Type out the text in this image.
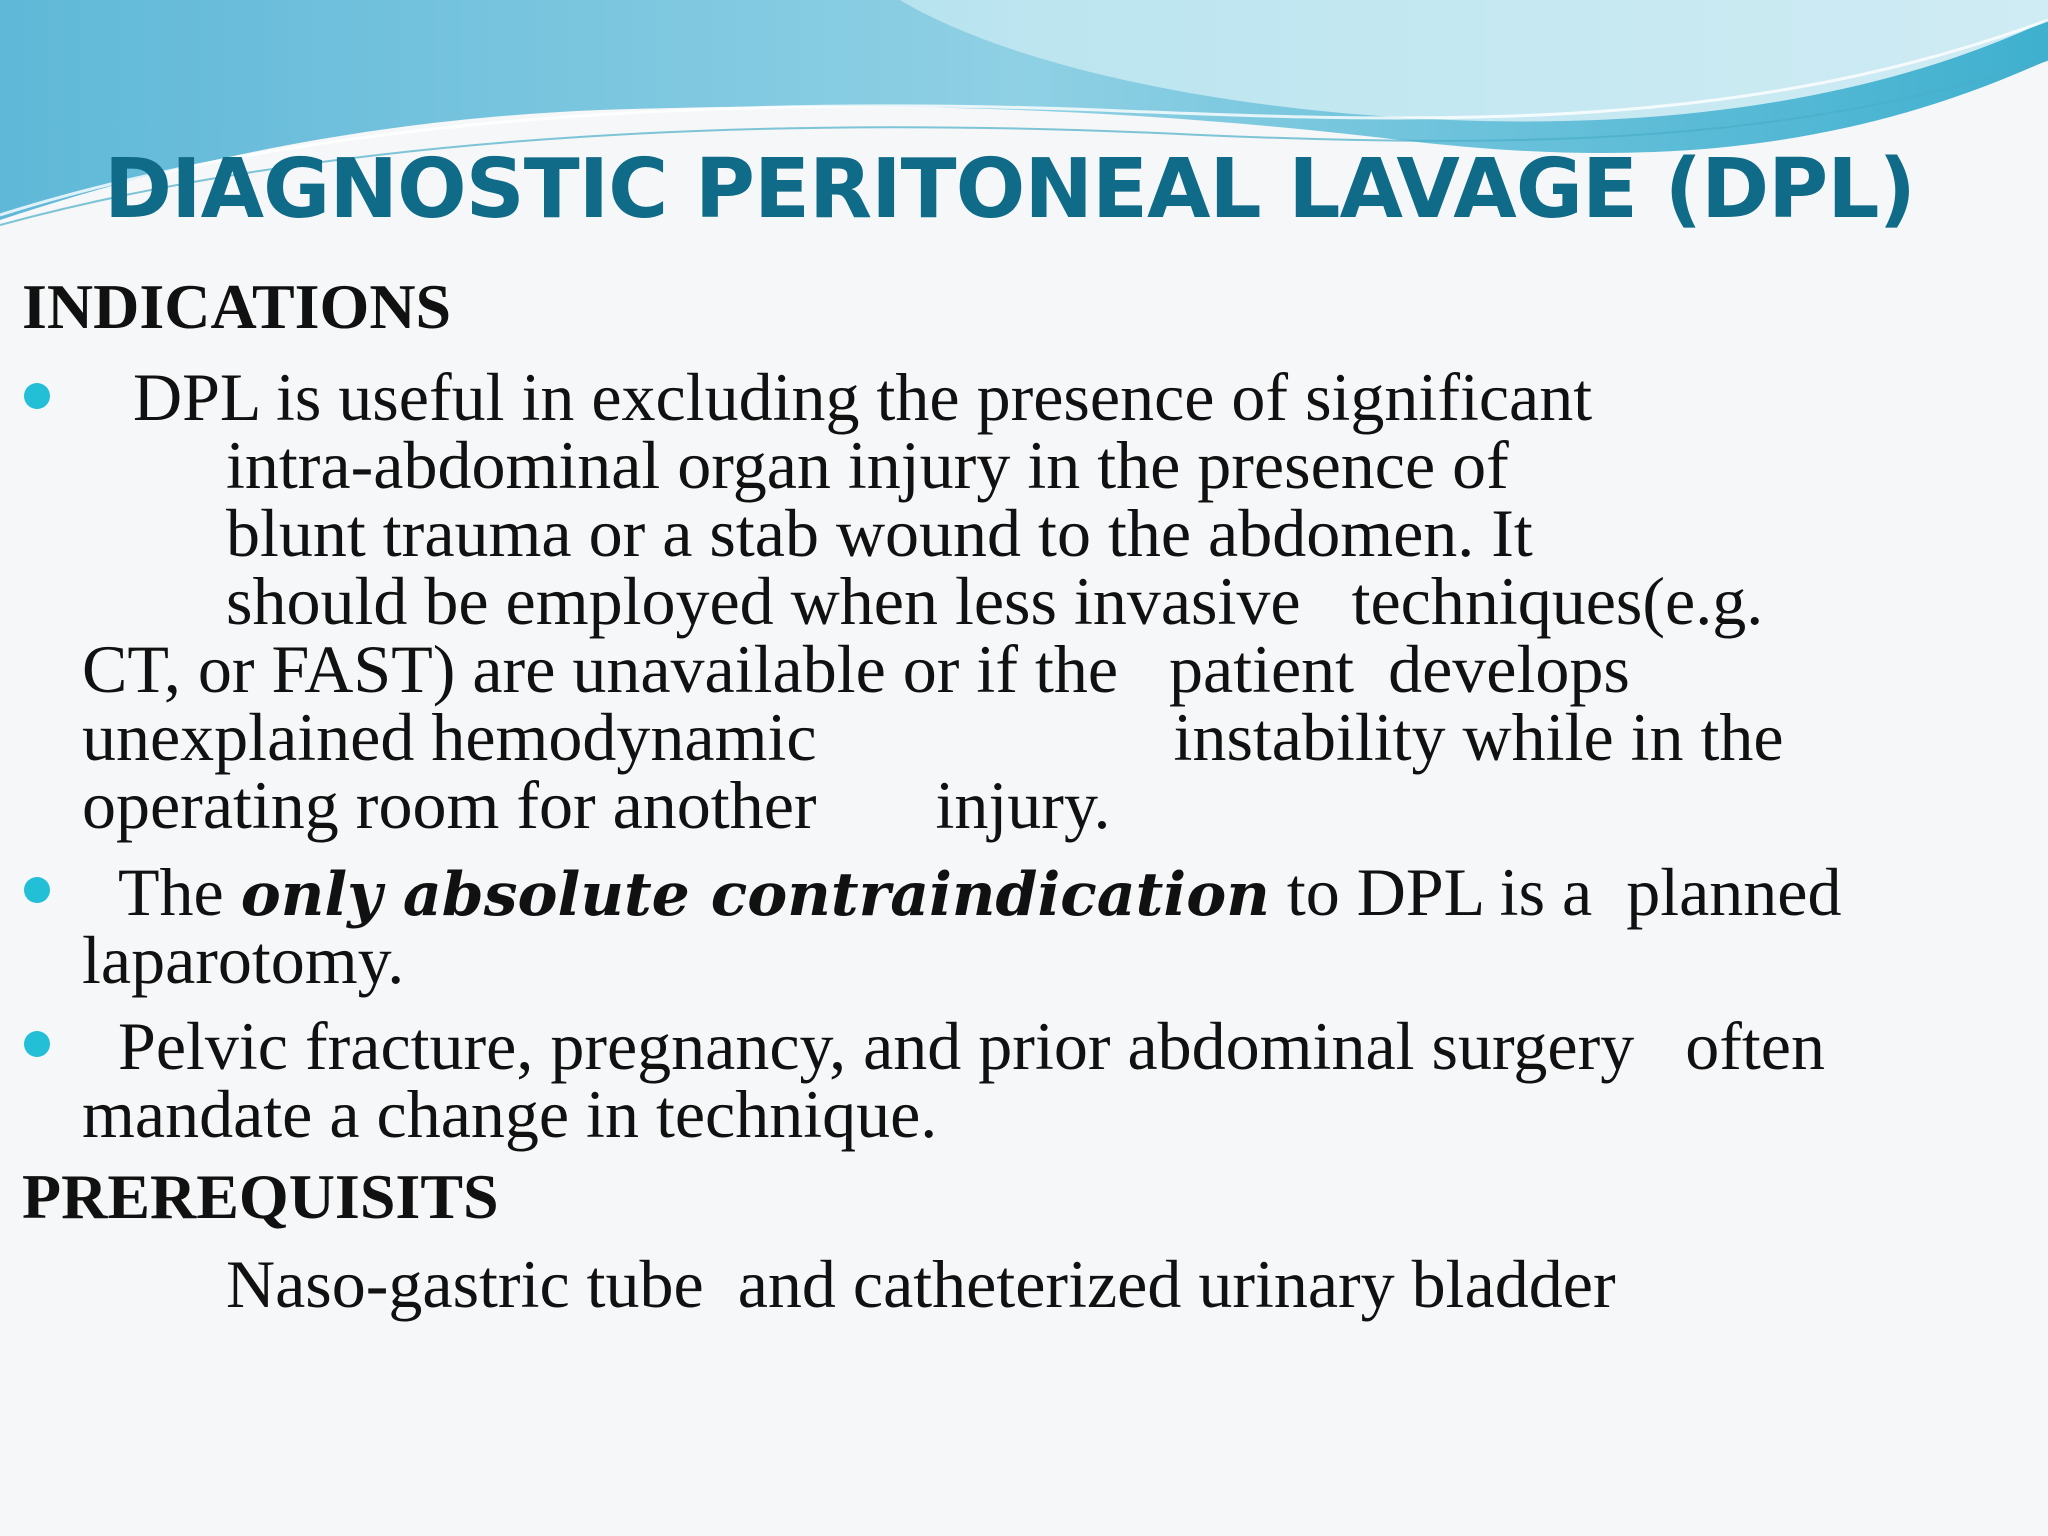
DIAGNOSTIC PERITONEAL LAVAGE (DPL)
INDICATIONS
DPL is useful in excluding the presence of significant
intra-abdominal organ injury in the presence of
blunt trauma or a stab wound to the abdomen. It
should be employed when less invasive   techniques(e.g.
CT, or FAST) are unavailable or if the   patient  develops
unexplained hemodynamic                     instability while in the
operating room for another       injury.
The only absolute contraindication to DPL is a  planned
laparotomy.
Pelvic fracture, pregnancy, and prior abdominal surgery   often
mandate a change in technique.
PREREQUISITS
Naso-gastric tube  and catheterized urinary bladder
